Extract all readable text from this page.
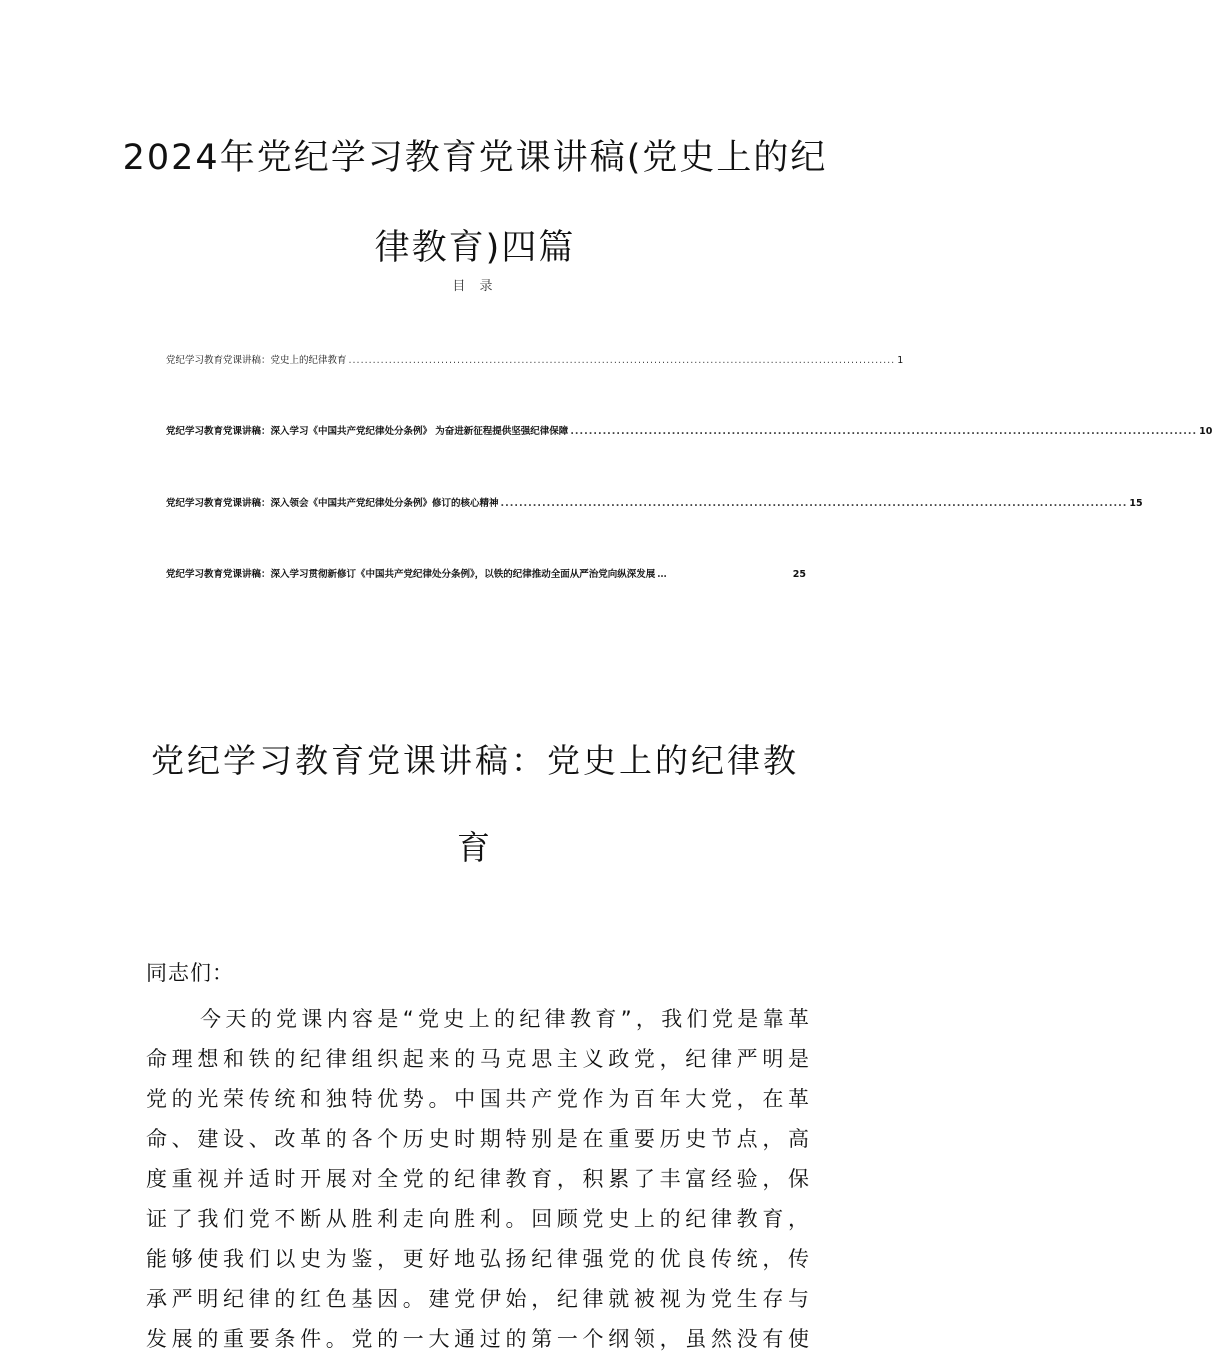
2024年党纪学习教育党课讲稿(党史上的纪
律教育)四篇
目 录
党纪学习教育党课讲稿：党史上的纪律教育 ........................................................................................................................................ 1
党纪学习教育党课讲稿：深入学习《中国共产党纪律处分条例》 为奋进新征程提供坚强纪律保障 ........................................................................................................................................ 10
党纪学习教育党课讲稿：深入领会《中国共产党纪律处分条例》修订的核心精神 ........................................................................................................................................ 15
党纪学习教育党课讲稿：深入学习贯彻新修订《中国共产党纪律处分条例》，以铁的纪律推动全面从严治党向纵深发展 …	25
党纪学习教育党课讲稿：党史上的纪律教
育
同志们：
今天的党课内容是“党史上的纪律教育”，我们党是靠革
命理想和铁的纪律组织起来的马克思主义政党，纪律严明是
党的光荣传统和独特优势。中国共产党作为百年大党，在革
命、建设、改革的各个历史时期特别是在重要历史节点，高
度重视并适时开展对全党的纪律教育，积累了丰富经验，保
证了我们党不断从胜利走向胜利。回顾党史上的纪律教育，
能够使我们以史为鉴，更好地弘扬纪律强党的优良传统，传
承严明纪律的红色基因。建党伊始，纪律就被视为党生存与
发展的重要条件。党的一大通过的第一个纲领，虽然没有使
